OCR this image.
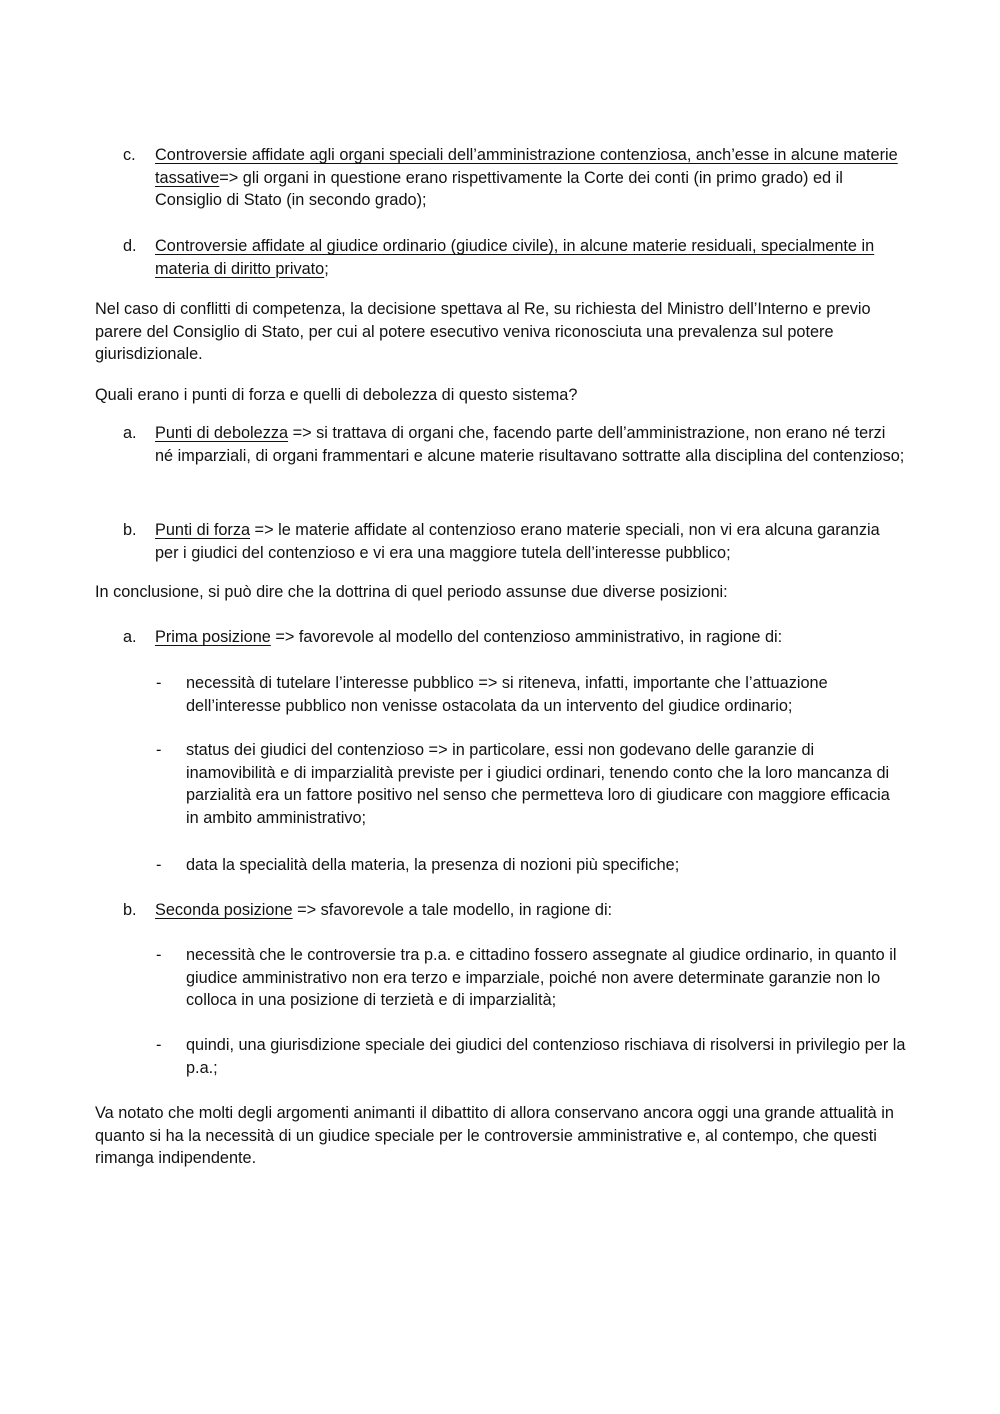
c.	Controversie affidate agli organi speciali dell’amministrazione contenziosa, anch’esse in alcune materie tassative=> gli organi in questione erano rispettivamente la Corte dei conti (in primo grado) ed il Consiglio di Stato (in secondo grado);

d.	Controversie affidate al giudice ordinario (giudice civile), in alcune materie residuali, specialmente in materia di diritto privato;

Nel caso di conflitti di competenza, la decisione spettava al Re, su richiesta del Ministro dell’Interno e previo parere del Consiglio di Stato, per cui al potere esecutivo veniva riconosciuta una prevalenza sul potere giurisdizionale.

Quali erano i punti di forza e quelli di debolezza di questo sistema?

a.	Punti di debolezza => si trattava di organi che, facendo parte dell’amministrazione, non erano né terzi né imparziali, di organi frammentari e alcune materie risultavano sottratte alla disciplina del contenzioso;

b.	Punti di forza => le materie affidate al contenzioso erano materie speciali, non vi era alcuna garanzia per i giudici del contenzioso e vi era una maggiore tutela dell’interesse pubblico;

In conclusione, si può dire che la dottrina di quel periodo assunse due diverse posizioni:

a.	Prima posizione => favorevole al modello del contenzioso amministrativo, in ragione di:

- necessità di tutelare l’interesse pubblico => si riteneva, infatti, importante che l’attuazione dell’interesse pubblico non venisse ostacolata da un intervento del giudice ordinario;

- status dei giudici del contenzioso => in particolare, essi non godevano delle garanzie di inamovibilità e di imparzialità previste per i giudici ordinari, tenendo conto che la loro mancanza di parzialità era un fattore positivo nel senso che permetteva loro di giudicare con maggiore efficacia in ambito amministrativo;

- data la specialità della materia, la presenza di nozioni più specifiche;

b.	Seconda posizione => sfavorevole a tale modello, in ragione di:

- necessità che le controversie tra p.a. e cittadino fossero assegnate al giudice ordinario, in quanto il giudice amministrativo non era terzo e imparziale, poiché non avere determinate garanzie non lo colloca in una posizione di terzietà e di imparzialità;

- quindi, una giurisdizione speciale dei giudici del contenzioso rischiava di risolversi in privilegio per la p.a.;

Va notato che molti degli argomenti animanti il dibattito di allora conservano ancora oggi una grande attualità in quanto si ha la necessità di un giudice speciale per le controversie amministrative e, al contempo, che questi rimanga indipendente.
